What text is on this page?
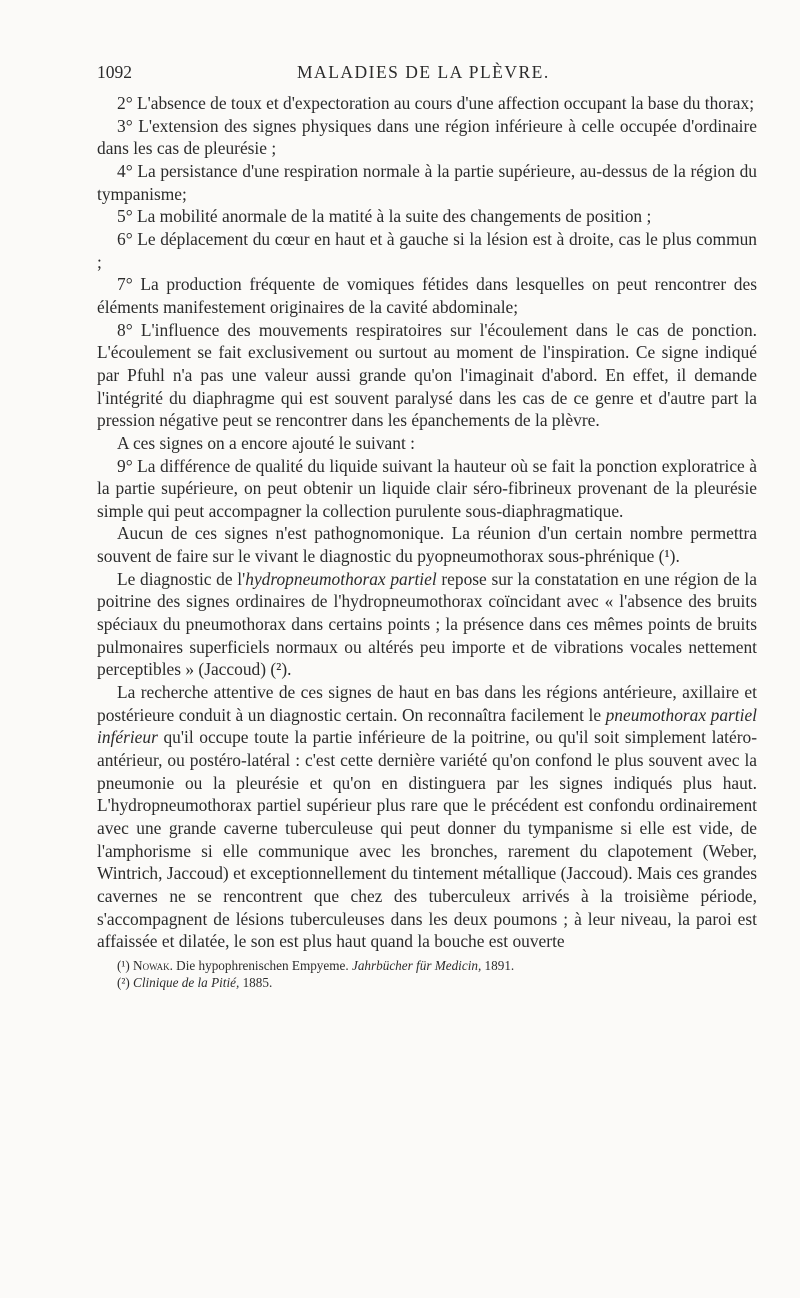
1092	MALADIES DE LA PLÈVRE.

2° L'absence de toux et d'expectoration au cours d'une affection occupant la base du thorax;

3° L'extension des signes physiques dans une région inférieure à celle occupée d'ordinaire dans les cas de pleurésie ;

4° La persistance d'une respiration normale à la partie supérieure, au-dessus de la région du tympanisme;

5° La mobilité anormale de la matité à la suite des changements de position ;

6° Le déplacement du cœur en haut et à gauche si la lésion est à droite, cas le plus commun ;

7° La production fréquente de vomiques fétides dans lesquelles on peut rencontrer des éléments manifestement originaires de la cavité abdominale;

8° L'influence des mouvements respiratoires sur l'écoulement dans le cas de ponction. L'écoulement se fait exclusivement ou surtout au moment de l'inspiration. Ce signe indiqué par Pfuhl n'a pas une valeur aussi grande qu'on l'imaginait d'abord. En effet, il demande l'intégrité du diaphragme qui est souvent paralysé dans les cas de ce genre et d'autre part la pression négative peut se rencontrer dans les épanchements de la plèvre.

A ces signes on a encore ajouté le suivant :

9° La différence de qualité du liquide suivant la hauteur où se fait la ponction exploratrice à la partie supérieure, on peut obtenir un liquide clair séro-fibrineux provenant de la pleurésie simple qui peut accompagner la collection purulente sous-diaphragmatique.

Aucun de ces signes n'est pathognomonique. La réunion d'un certain nombre permettra souvent de faire sur le vivant le diagnostic du pyopneumothorax sous-phrénique (¹).

Le diagnostic de l'hydropneumothorax partiel repose sur la constatation en une région de la poitrine des signes ordinaires de l'hydropneumothorax coïncidant avec « l'absence des bruits spéciaux du pneumothorax dans certains points ; la présence dans ces mêmes points de bruits pulmonaires superficiels normaux ou altérés peu importe et de vibrations vocales nettement perceptibles » (Jaccoud) (²).

La recherche attentive de ces signes de haut en bas dans les régions antérieure, axillaire et postérieure conduit à un diagnostic certain. On reconnaîtra facilement le pneumothorax partiel inférieur qu'il occupe toute la partie inférieure de la poitrine, ou qu'il soit simplement latéro-antérieur, ou postéro-latéral : c'est cette dernière variété qu'on confond le plus souvent avec la pneumonie ou la pleurésie et qu'on en distinguera par les signes indiqués plus haut. L'hydropneumothorax partiel supérieur plus rare que le précédent est confondu ordinairement avec une grande caverne tuberculeuse qui peut donner du tympanisme si elle est vide, de l'amphorisme si elle communique avec les bronches, rarement du clapotement (Weber, Wintrich, Jaccoud) et exceptionnellement du tintement métallique (Jaccoud). Mais ces grandes cavernes ne se rencontrent que chez des tuberculeux arrivés à la troisième période, s'accompagnent de lésions tuberculeuses dans les deux poumons ; à leur niveau, la paroi est affaissée et dilatée, le son est plus haut quand la bouche est ouverte

(¹) Nowak. Die hypophrenischen Empyeme. Jahrbücher für Medicin, 1891.

(²) Clinique de la Pitié, 1885.
